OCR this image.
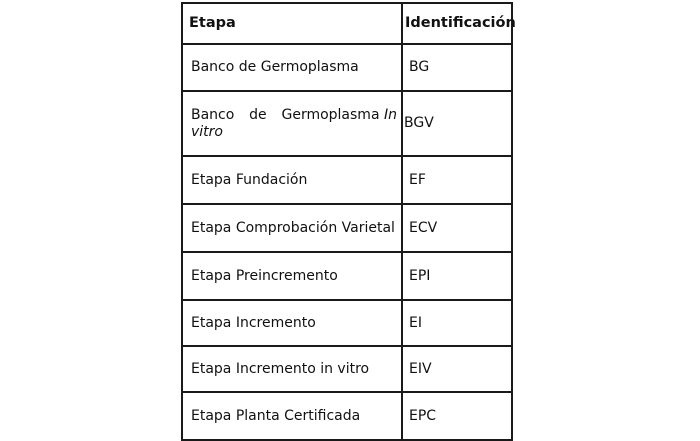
Etapa	Identificación
Banco de Germoplasma	BG

Banco de Germoplasma In
vitro	BGV
Etapa Fundación	EF
Etapa Comprobación Varietal	ECV
Etapa Preincremento	EPI
Etapa Incremento	EI
Etapa Incremento in vitro	EIV
Etapa Planta Certificada	EPC
